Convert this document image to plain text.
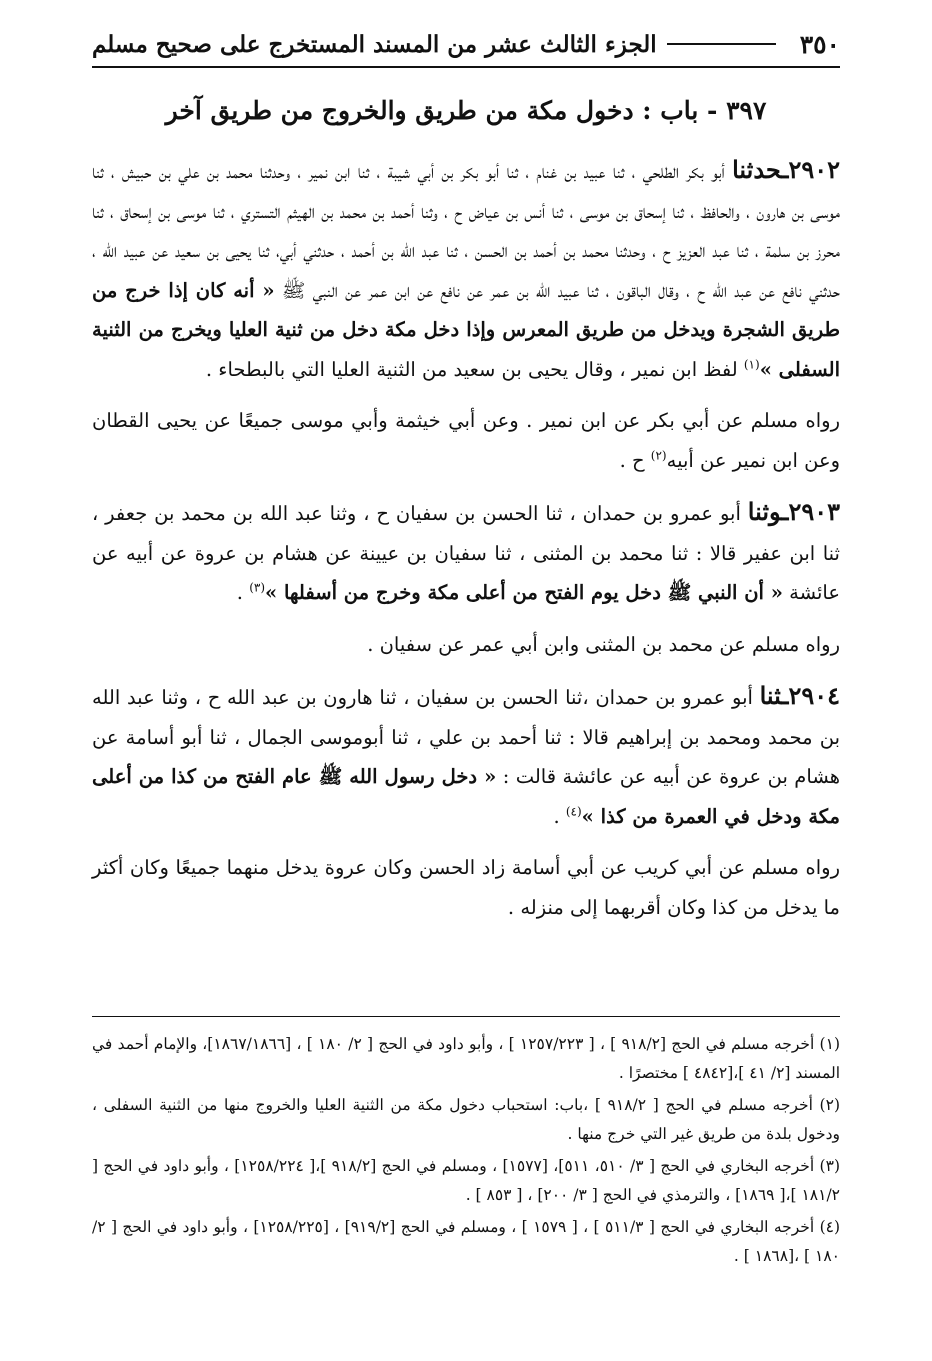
٣٥٠
الجزء الثالث عشر من المسند المستخرج على صحيح مسلم
٣٩٧ - باب : دخول مكة من طريق والخروج من طريق آخر

٢٩٠٢ـحدثنا أبو بكر الطلحي ، ثنا عبيد بن غنام ، ثنا أبو بكر بن أبي شيبة ، ثنا ابن نمير ، وحدثنا محمد بن علي بن حبيش ، ثنا موسى بن هارون ، والحافظ ، ثنا إسحاق بن موسى ، ثنا أنس بن عياض ح ، وثنا أحمد بن محمد بن الهيثم التستري ، ثنا موسى بن إسحاق ، ثنا محرز بن سلمة ، ثنا عبد العزيز ح ، وحدثنا محمد بن أحمد بن الحسن ، ثنا عبد الله بن أحمد ، حدثني أبي، ثنا يحيى بن سعيد عن عبيد الله ، حدثني نافع عن عبد الله ح ، وقال الباقون ، ثنا عبيد الله بن عمر عن نافع عن ابن عمر عن النبي ﷺ « أنه كان إذا خرج من طريق الشجرة ويدخل من طريق المعرس وإذا دخل مكة دخل من ثنية العليا ويخرج من الثنية السفلى »$^{(١)}$ لفظ ابن نمير ، وقال يحيى بن سعيد من الثنية العليا التي بالبطحاء .

رواه مسلم عن أبي بكر عن ابن نمير . وعن أبي خيثمة وأبي موسى جميعًا عن يحيى القطان وعن ابن نمير عن أبيه$^{(٢)}$ ح .

٢٩٠٣ـوثنا أبو عمرو بن حمدان ، ثنا الحسن بن سفيان ح ، وثنا عبد الله بن محمد بن جعفر ، ثنا ابن عفير قالا : ثنا محمد بن المثنى ، ثنا سفيان بن عيينة عن هشام بن عروة عن أبيه عن عائشة « أن النبي ﷺ دخل يوم الفتح من أعلى مكة وخرج من أسفلها »$^{(٣)}$ .

رواه مسلم عن محمد بن المثنى وابن أبي عمر عن سفيان .

٢٩٠٤ـثنا أبو عمرو بن حمدان ،ثنا الحسن بن سفيان ، ثنا هارون بن عبد الله ح ، وثنا عبد الله بن محمد ومحمد بن إبراهيم قالا : ثنا أحمد بن علي ، ثنا أبوموسى الجمال ، ثنا أبو أسامة عن هشام بن عروة عن أبيه عن عائشة قالت : « دخل رسول الله ﷺ عام الفتح من كذا من أعلى مكة ودخل في العمرة من كذا »$^{(٤)}$ .

رواه مسلم عن أبي كريب عن أبي أسامة زاد الحسن وكان عروة يدخل منهما جميعًا وكان أكثر ما يدخل من كذا وكان أقربهما إلى منزله .

(١) أخرجه مسلم في الحج [٩١٨/٢ ] ، [ ١٢٥٧/٢٢٣ ] ، وأبو داود في الحج [ ٢/ ١٨٠ ] ، [١٨٦٧/١٨٦٦]، والإمام أحمد في المسند [٢/ ٤١ ]،[٤٨٤٢ ] مختصرًا .

(٢) أخرجه مسلم في الحج [ ٩١٨/٢ ] ،باب: استحباب دخول مكة من الثنية العليا والخروج منها من الثنية السفلى ، ودخول بلدة من طريق غير التي خرج منها .

(٣) أخرجه البخاري في الحج [ ٣/ ٥١٠، ٥١١]، [١٥٧٧] ، ومسلم في الحج [٩١٨/٢ ]،[ ١٢٥٨/٢٢٤] ، وأبو داود في الحج [ ١٨١/٢ ]،[ ١٨٦٩] ، والترمذي في الحج [ ٣/ ٢٠٠] ، [ ٨٥٣ ] .

(٤) أخرجه البخاري في الحج [ ٥١١/٣ ] ، [ ١٥٧٩ ] ، ومسلم في الحج [٩١٩/٢] ، [١٢٥٨/٢٢٥] ، وأبو داود في الحج [ ٢/ ١٨٠ ] ،[١٨٦٨ ] .
